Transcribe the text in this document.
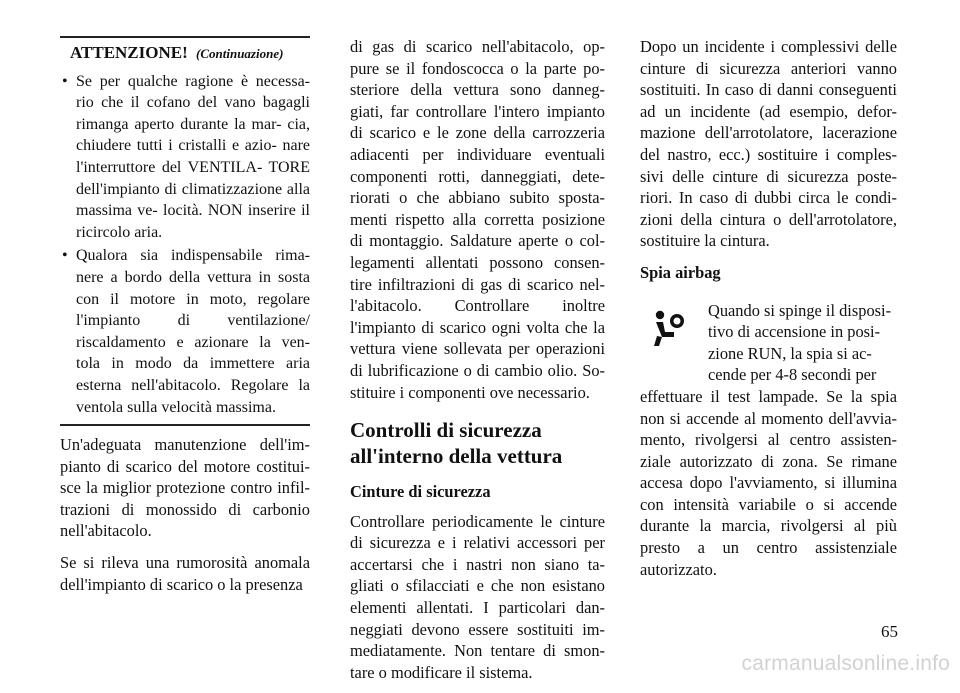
ATTENZIONE! (Continuazione)
• Se per qualche ragione è necessa- rio che il cofano del vano bagagli rimanga aperto durante la mar- cia, chiudere tutti i cristalli e azio- nare l'interruttore del VENTILA- TORE dell'impianto di climatizzazione alla massima ve- locità. NON inserire il ricircolo aria.
• Qualora sia indispensabile rima- nere a bordo della vettura in sosta con il motore in moto, regolare l'impianto di ventilazione/ riscaldamento e azionare la ven- tola in modo da immettere aria esterna nell'abitacolo. Regolare la ventola sulla velocità massima.

Un'adeguata manutenzione dell'im- pianto di scarico del motore costitui- sce la miglior protezione contro infil- trazioni di monossido di carbonio nell'abitacolo.

Se si rileva una rumorosità anomala dell'impianto di scarico o la presenza

di gas di scarico nell'abitacolo, op- pure se il fondoscocca o la parte po- steriore della vettura sono danneg- giati, far controllare l'intero impianto di scarico e le zone della carrozzeria adiacenti per individuare eventuali componenti rotti, danneggiati, dete- riorati o che abbiano subito sposta- menti rispetto alla corretta posizione di montaggio. Saldature aperte o col- legamenti allentati possono consen- tire infiltrazioni di gas di scarico nel- l'abitacolo. Controllare inoltre l'impianto di scarico ogni volta che la vettura viene sollevata per operazioni di lubrificazione o di cambio olio. So- stituire i componenti ove necessario.

Controlli di sicurezza all'interno della vettura
Cinture di sicurezza

Controllare periodicamente le cinture di sicurezza e i relativi accessori per accertarsi che i nastri non siano ta- gliati o sfilacciati e che non esistano elementi allentati. I particolari dan- neggiati devono essere sostituiti im- mediatamente. Non tentare di smon- tare o modificare il sistema.

Dopo un incidente i complessivi delle cinture di sicurezza anteriori vanno sostituiti. In caso di danni conseguenti ad un incidente (ad esempio, defor- mazione dell'arrotolatore, lacerazione del nastro, ecc.) sostituire i comples- sivi delle cinture di sicurezza poste- riori. In caso di dubbi circa le condi- zioni della cintura o dell'arrotolatore, sostituire la cintura.

Spia airbag
Quando si spinge il disposi-
tivo di accensione in posi-
zione RUN, la spia si ac-
cende per 4-8 secondi per

effettuare il test lampade. Se la spia non si accende al momento dell'avvia- mento, rivolgersi al centro assisten- ziale autorizzato di zona. Se rimane accesa dopo l'avviamento, si illumina con intensità variabile o si accende durante la marcia, rivolgersi al più presto a un centro assistenziale autorizzato.

65
carmanualsonline.info
